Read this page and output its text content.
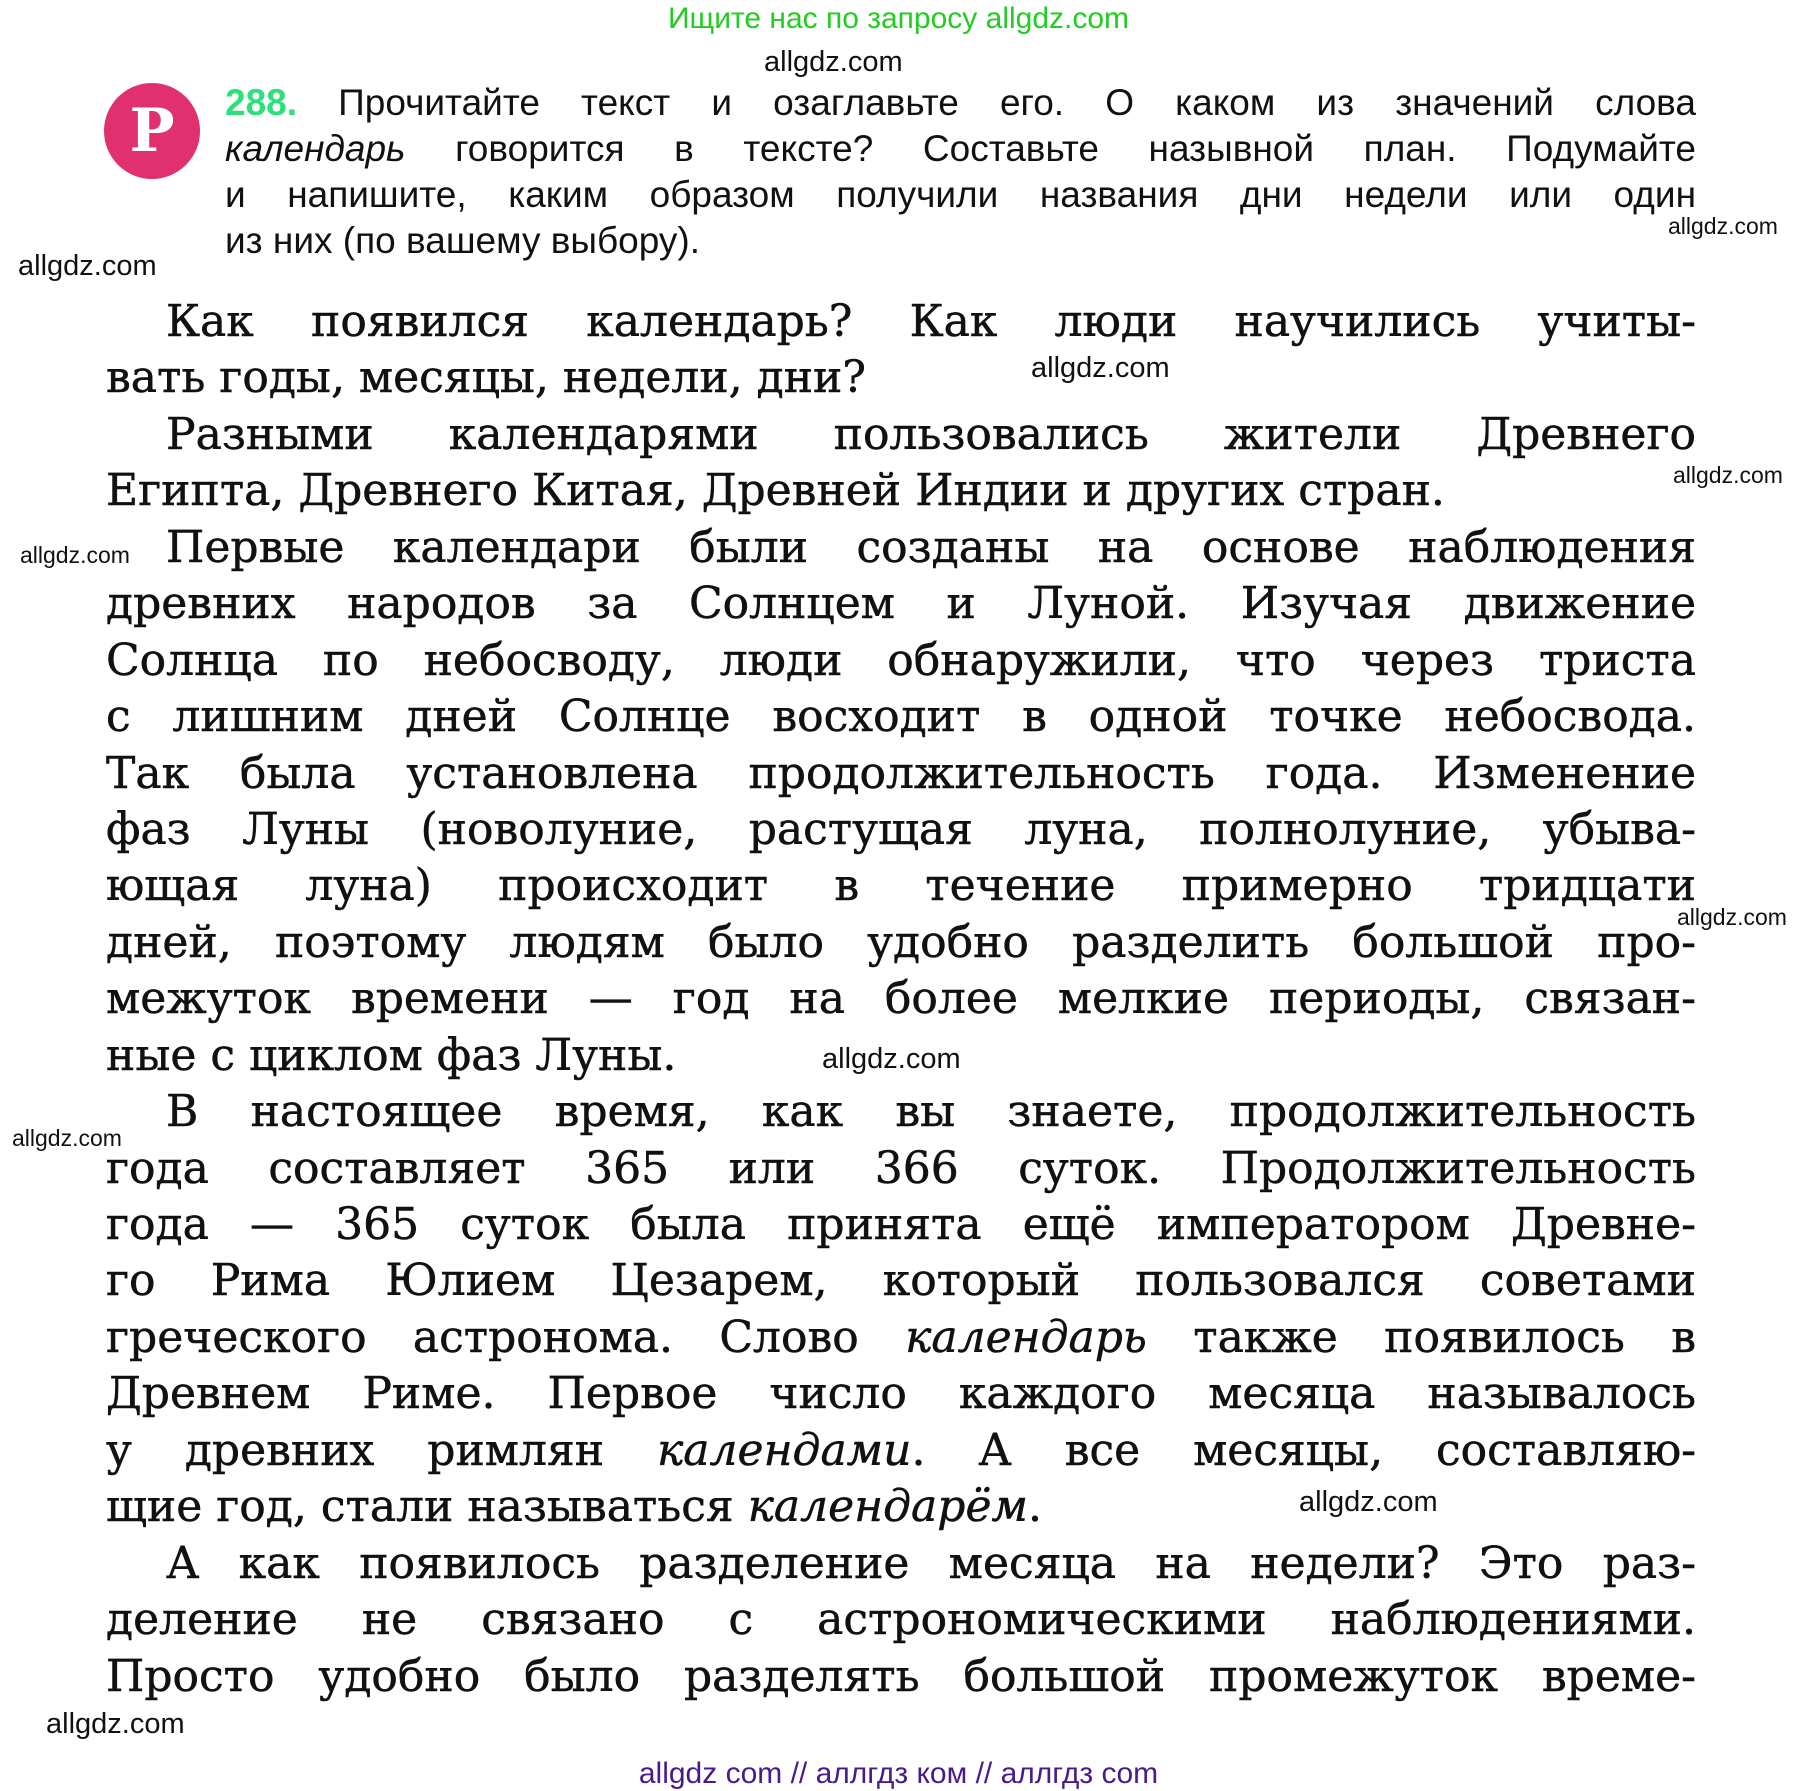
Ищите нас по запросу allgdz.com
allgdz.com
allgdz.com
allgdz.com
allgdz.com
allgdz.com
allgdz.com
allgdz.com
allgdz.com
allgdz.com
allgdz.com
allgdz.com
Р	288. Прочитайте текст и озаглавьте его. О каком из значений слова
календарь говорится в тексте? Составьте назывной план. Подумайте
и напишите, каким образом получили названия дни недели или один
из них (по вашему выбору).
Как появился календарь? Как люди научились учиты-
вать годы, месяцы, недели, дни?
Разными календарями пользовались жители Древнего
Египта, Древнего Китая, Древней Индии и других стран.
Первые календари были созданы на основе наблюдения
древних народов за Солнцем и Луной. Изучая движение
Солнца по небосводу, люди обнаружили, что через триста
с лишним дней Солнце восходит в одной точке небосвода.
Так была установлена продолжительность года. Изменение
фаз Луны (новолуние, растущая луна, полнолуние, убыва-
ющая луна) происходит в течение примерно тридцати
дней, поэтому людям было удобно разделить большой про-
межуток времени — год на более мелкие периоды, связан-
ные с циклом фаз Луны.
В настоящее время, как вы знаете, продолжительность
года составляет 365 или 366 суток. Продолжительность
года — 365 суток была принята ещё императором Древне-
го Рима Юлием Цезарем, который пользовался советами
греческого астронома. Слово календарь также появилось в
Древнем Риме. Первое число каждого месяца называлось
у древних римлян календами. А все месяцы, составляю-
щие год, стали называться календарём.
А как появилось разделение месяца на недели? Это раз-
деление не связано с астрономическими наблюдениями.
Просто удобно было разделять большой промежуток време-
allgdz com // аллгдз ком // аллгдз com
